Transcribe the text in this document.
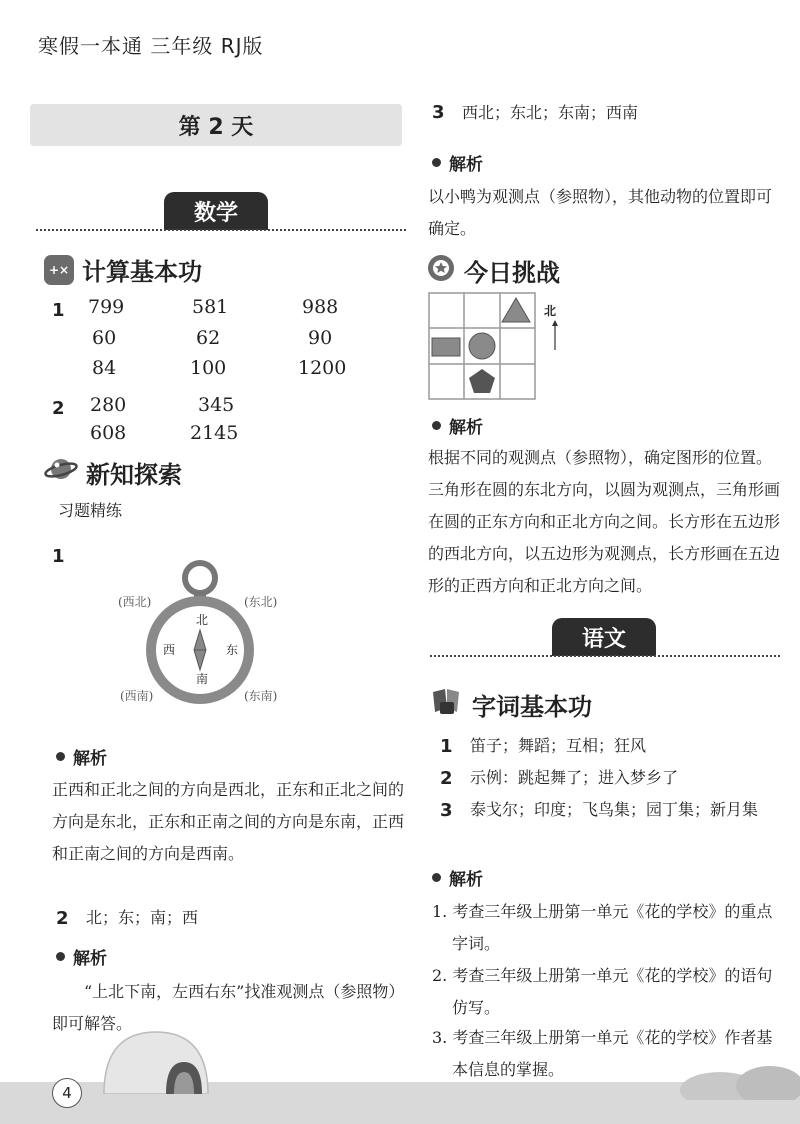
寒假一本通 三年级 RJ版
第 2 天
数学
+× 计算基本功
1 799	581	988
60	62	90
84	100	1200
2 280	345
608	2145
新知探索
习题精练
1
北
南
西	东
(西北)	(东北)
(西南)	(东南)
解析
正西和正北之间的方向是西北，正东和正北之间的方向是东北，正东和正南之间的方向是东南，正西和正南之间的方向是西南。
2 北；东；南；西
解析
“上北下南，左西右东”找准观测点（参照物）即可解答。
3 西北；东北；东南；西南
解析
以小鸭为观测点（参照物），其他动物的位置即可确定。
今日挑战
北
解析
根据不同的观测点（参照物），确定图形的位置。三角形在圆的东北方向，以圆为观测点，三角形画在圆的正东方向和正北方向之间。长方形在五边形的西北方向，以五边形为观测点，长方形画在五边形的正西方向和正北方向之间。
语文
字词基本功
1 笛子；舞蹈；互相；狂风
2 示例：跳起舞了；进入梦乡了
3 泰戈尔；印度；飞鸟集；园丁集；新月集
解析
1. 考查三年级上册第一单元《花的学校》的重点字词。
2. 考查三年级上册第一单元《花的学校》的语句仿写。
3. 考查三年级上册第一单元《花的学校》作者基本信息的掌握。
4
